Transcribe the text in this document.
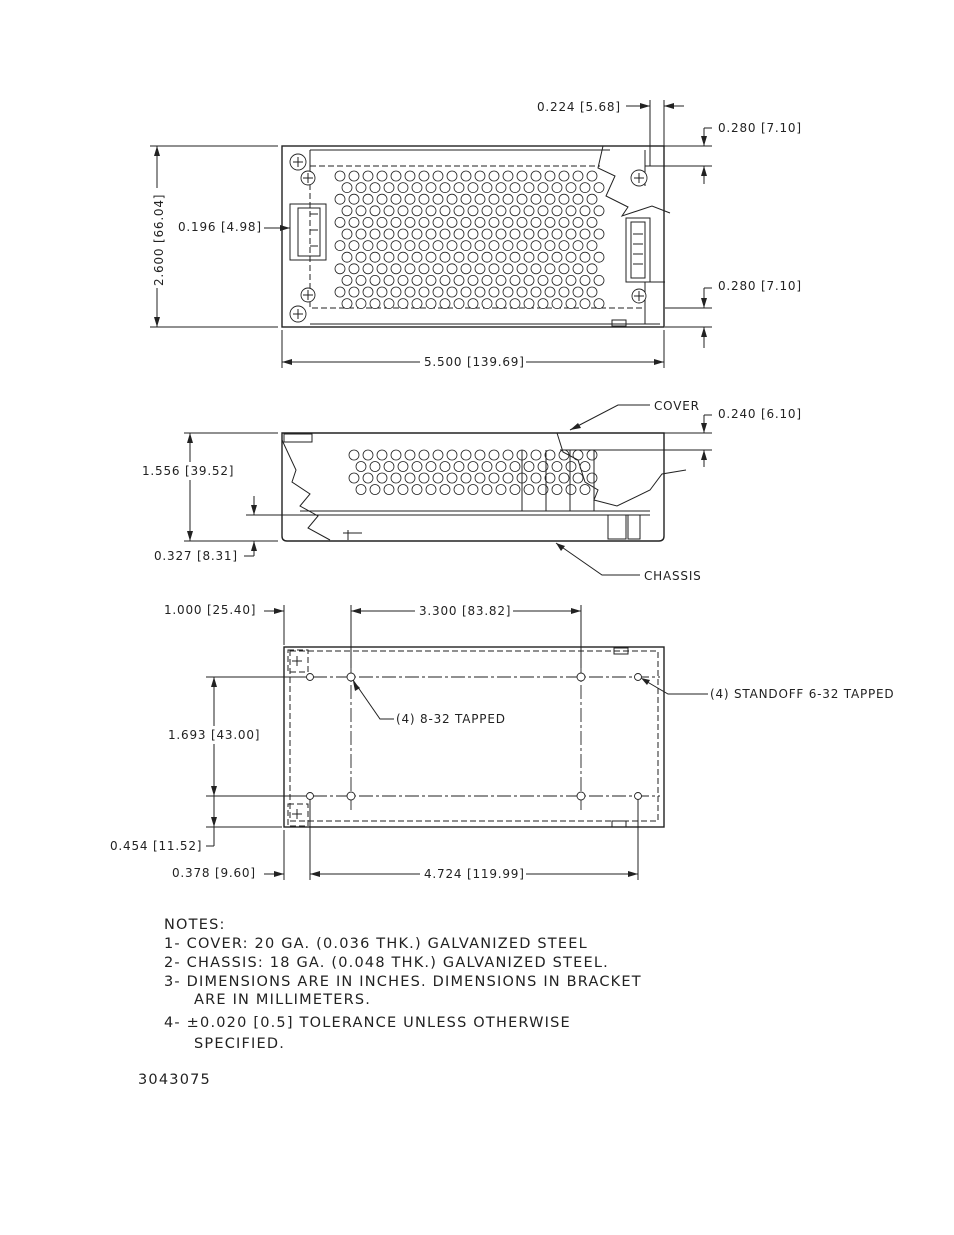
0.224 [5.68]
0.280 [7.10]
0.196 [4.98]
2.600 [66.04]	0.280 [7.10]
5.500 [139.69]
COVER
0.240 [6.10]
1.556 [39.52]
0.327 [8.31]
CHASSIS
1.000 [25.40]	3.300 [83.82]
(4) STANDOFF 6-32 TAPPED
(4) 8-32 TAPPED
1.693 [43.00]
0.454 [11.52]
0.378 [9.60]	4.724 [119.99]
NOTES:
1- COVER: 20 GA. (0.036 THK.) GALVANIZED STEEL
2- CHASSIS: 18 GA. (0.048 THK.) GALVANIZED STEEL.
3- DIMENSIONS ARE IN INCHES. DIMENSIONS IN BRACKET
ARE IN MILLIMETERS.
4- ±0.020 [0.5] TOLERANCE UNLESS OTHERWISE
SPECIFIED.
3043075
